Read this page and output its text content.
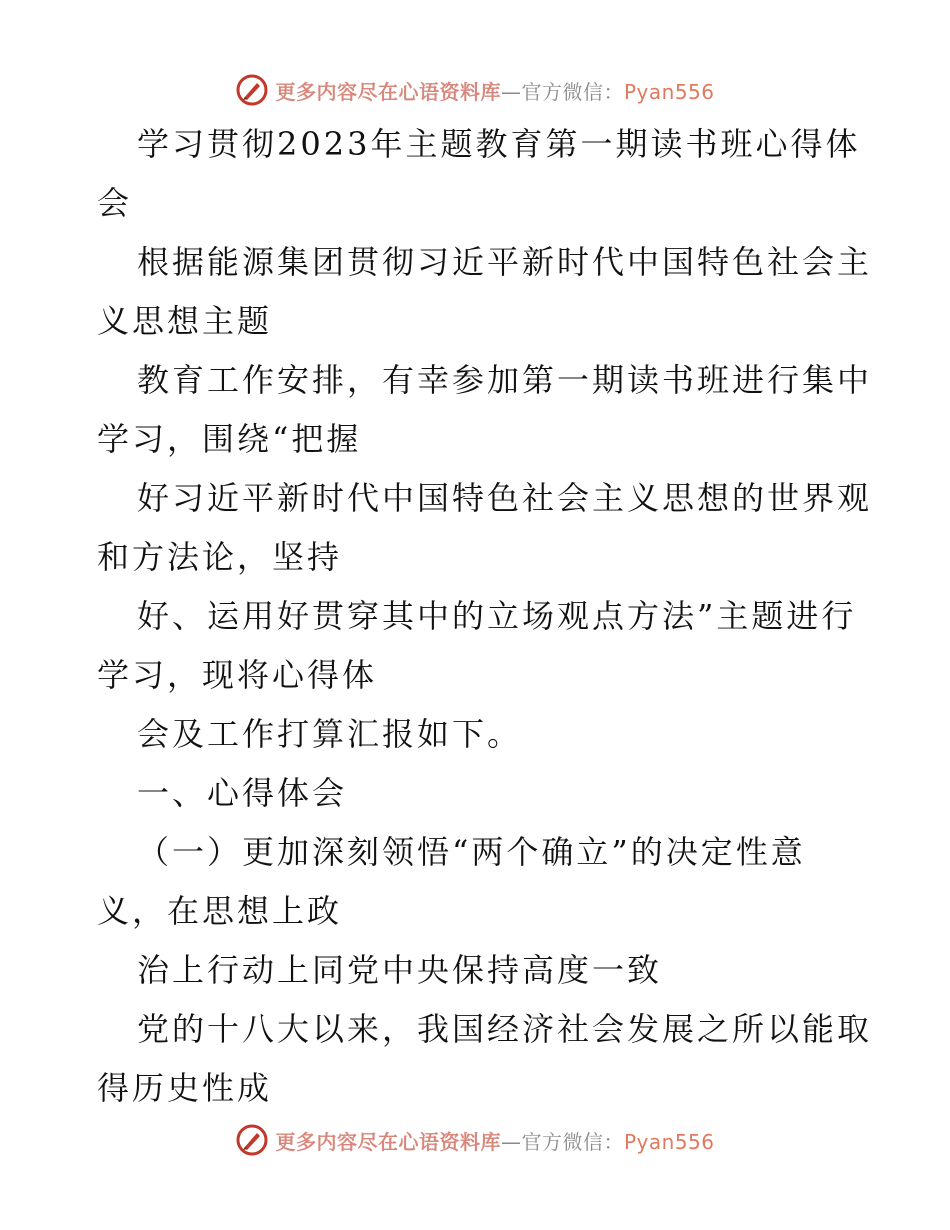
更多内容尽在心语资料库—官方微信：Pyan556
学习贯彻2023年主题教育第一期读书班心得体
会
根据能源集团贯彻习近平新时代中国特色社会主
义思想主题
教育工作安排，有幸参加第一期读书班进行集中
学习，围绕“把握
好习近平新时代中国特色社会主义思想的世界观
和方法论，坚持
好、运用好贯穿其中的立场观点方法”主题进行
学习，现将心得体
会及工作打算汇报如下。
一、心得体会
（一）更加深刻领悟“两个确立”的决定性意
义，在思想上政
治上行动上同党中央保持高度一致
党的十八大以来，我国经济社会发展之所以能取
得历史性成
更多内容尽在心语资料库—官方微信：Pyan556
